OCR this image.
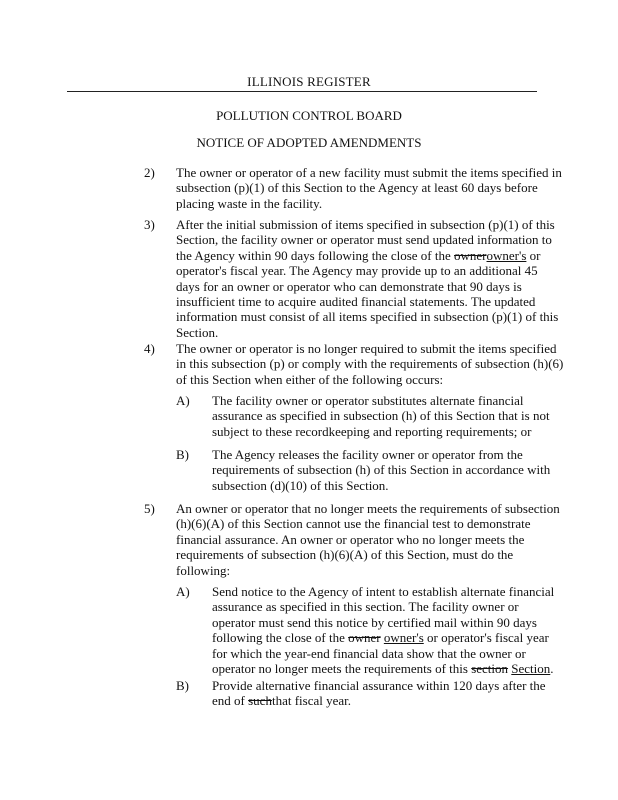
ILLINOIS REGISTER
POLLUTION CONTROL BOARD
NOTICE OF ADOPTED AMENDMENTS
2) The owner or operator of a new facility must submit the items specified in
subsection (p)(1) of this Section to the Agency at least 60 days before
placing waste in the facility.
3) After the initial submission of items specified in subsection (p)(1) of this
Section, the facility owner or operator must send updated information to
the Agency within 90 days following the close of the ownerowner's or
operator's fiscal year. The Agency may provide up to an additional 45
days for an owner or operator who can demonstrate that 90 days is
insufficient time to acquire audited financial statements. The updated
information must consist of all items specified in subsection (p)(1) of this
Section.
4) The owner or operator is no longer required to submit the items specified
in this subsection (p) or comply with the requirements of subsection (h)(6)
of this Section when either of the following occurs:
A) The facility owner or operator substitutes alternate financial
assurance as specified in subsection (h) of this Section that is not
subject to these recordkeeping and reporting requirements; or
B) The Agency releases the facility owner or operator from the
requirements of subsection (h) of this Section in accordance with
subsection (d)(10) of this Section.
5) An owner or operator that no longer meets the requirements of subsection
(h)(6)(A) of this Section cannot use the financial test to demonstrate
financial assurance. An owner or operator who no longer meets the
requirements of subsection (h)(6)(A) of this Section, must do the
following:
A) Send notice to the Agency of intent to establish alternate financial
assurance as specified in this section. The facility owner or
operator must send this notice by certified mail within 90 days
following the close of the owner owner's or operator's fiscal year
for which the year-end financial data show that the owner or
operator no longer meets the requirements of this section Section.
B) Provide alternative financial assurance within 120 days after the
end of suchthat fiscal year.
